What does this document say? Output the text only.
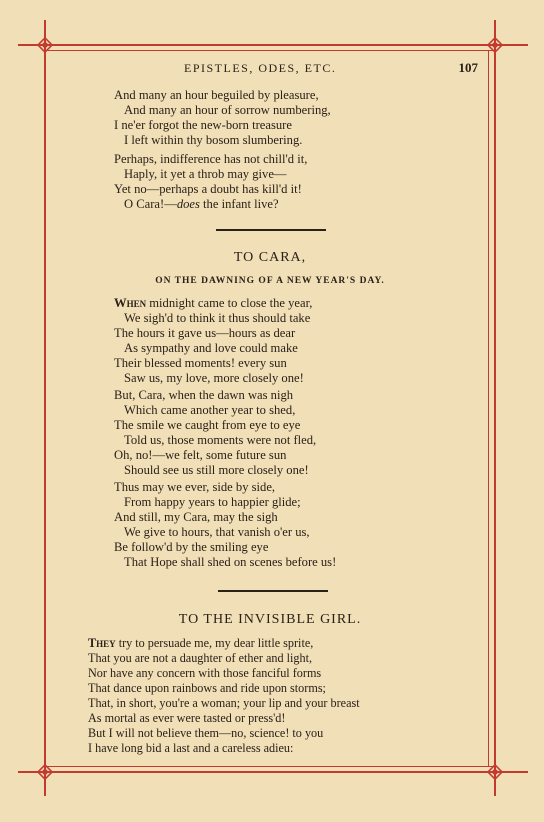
EPISTLES, ODES, ETC.	107
And many an hour beguiled by pleasure,
And many an hour of sorrow numbering,
I ne'er forgot the new-born treasure
I left within thy bosom slumbering.
Perhaps, indifference has not chill'd it,
Haply, it yet a throb may give—
Yet no—perhaps a doubt has kill'd it!
O Cara!—does the infant live?
TO CARA,
ON THE DAWNING OF A NEW YEAR'S DAY.
When midnight came to close the year,
We sigh'd to think it thus should take
The hours it gave us—hours as dear
As sympathy and love could make
Their blessed moments! every sun
Saw us, my love, more closely one!
But, Cara, when the dawn was nigh
Which came another year to shed,
The smile we caught from eye to eye
Told us, those moments were not fled,
Oh, no!—we felt, some future sun
Should see us still more closely one!
Thus may we ever, side by side,
From happy years to happier glide;
And still, my Cara, may the sigh
We give to hours, that vanish o'er us,
Be follow'd by the smiling eye
That Hope shall shed on scenes before us!
TO THE INVISIBLE GIRL.
They try to persuade me, my dear little sprite,
That you are not a daughter of ether and light,
Nor have any concern with those fanciful forms
That dance upon rainbows and ride upon storms;
That, in short, you're a woman; your lip and your breast
As mortal as ever were tasted or press'd!
But I will not believe them—no, science! to you
I have long bid a last and a careless adieu:
